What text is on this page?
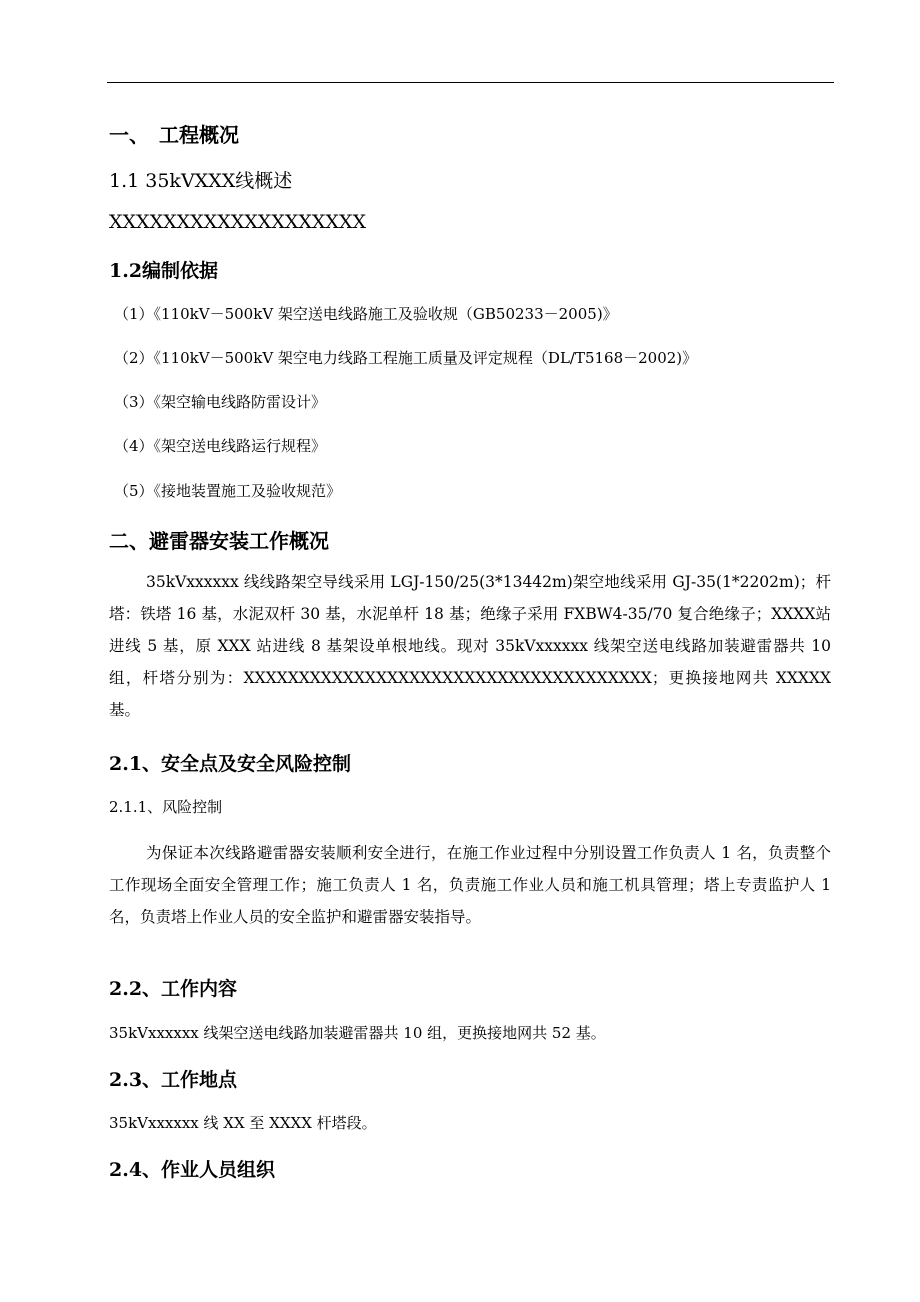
一、　工程概况
1.1 35kVXXX线概述
XXXXXXXXXXXXXXXXXXX
1.2编制依据
（1）《110kV－500kV 架空送电线路施工及验收规（GB50233－2005)》
（2）《110kV－500kV 架空电力线路工程施工质量及评定规程（DL/T5168－2002)》
（3）《架空输电线路防雷设计》
（4）《架空送电线路运行规程》
（5）《接地装置施工及验收规范》
二、避雷器安装工作概况
35kVxxxxxx 线线路架空导线采用 LGJ-150/25(3*13442m)架空地线采用 GJ-35(1*2202m)；杆塔：铁塔 16 基，水泥双杆 30 基，水泥单杆 18 基；绝缘子采用 FXBW4-35/70 复合绝缘子；XXXX站进线 5 基，原 XXX 站进线 8 基架设单根地线。现对 35kVxxxxxx 线架空送电线路加装避雷器共 10 组，杆塔分别为：XXXXXXXXXXXXXXXXXXXXXXXXXXXXXXXXXXXXX；更换接地网共 XXXXX 基。
2.1、安全点及安全风险控制
2.1.1、风险控制
为保证本次线路避雷器安装顺利安全进行，在施工作业过程中分别设置工作负责人 1 名，负责整个工作现场全面安全管理工作；施工负责人 1 名，负责施工作业人员和施工机具管理；塔上专责监护人 1 名，负责塔上作业人员的安全监护和避雷器安装指导。
2.2、工作内容
35kVxxxxxx 线架空送电线路加装避雷器共 10 组，更换接地网共 52 基。
2.3、工作地点
35kVxxxxxx 线 XX 至 XXXX 杆塔段。
2.4、作业人员组织
